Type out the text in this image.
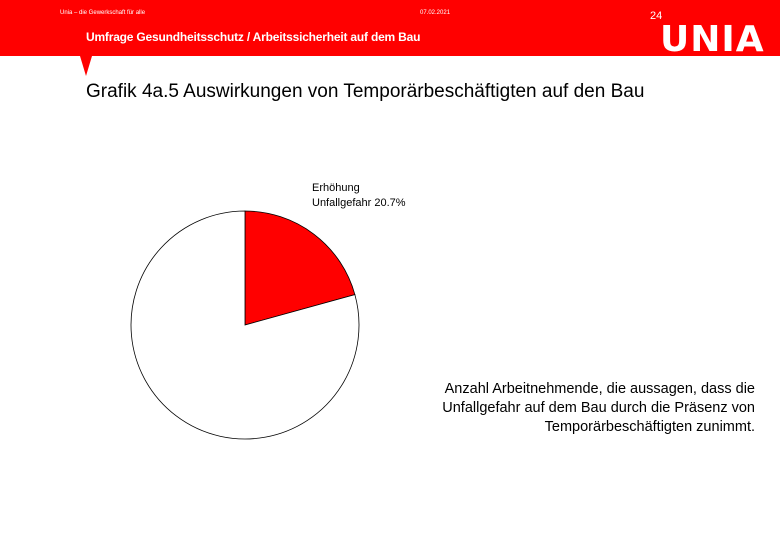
Unia – die Gewerkschaft für alle	07.02.2021	24
Umfrage Gesundheitsschutz / Arbeitssicherheit auf dem Bau	UNIA
Grafik 4a.5 Auswirkungen von Temporärbeschäftigten auf den Bau
Erhöhung Unfallgefahr 20.7%
Anzahl Arbeitnehmende, die aussagen, dass die Unfallgefahr auf dem Bau durch die Präsenz von Temporärbeschäftigten zunimmt.
